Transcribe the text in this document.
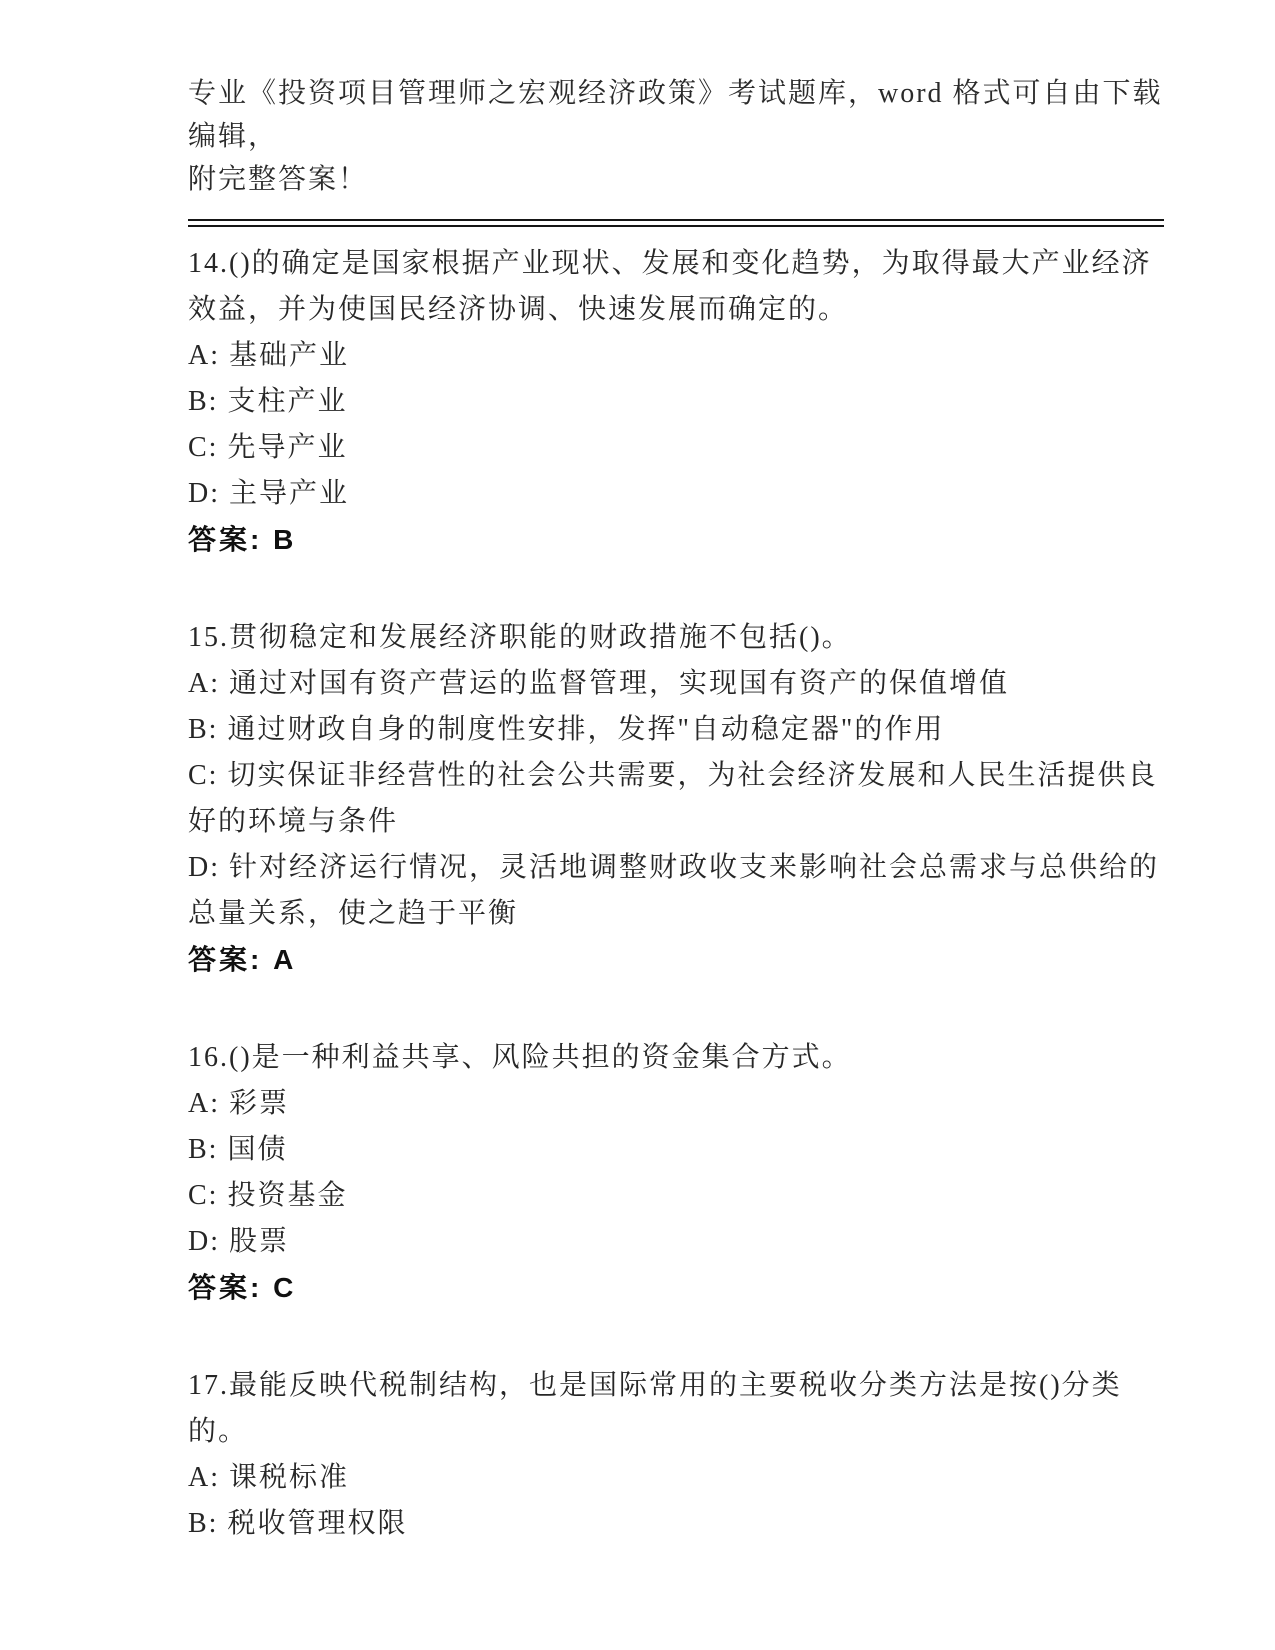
专业《投资项目管理师之宏观经济政策》考试题库，word 格式可自由下载编辑，

附完整答案！

14.()的确定是国家根据产业现状、发展和变化趋势，为取得最大产业经济效益，并为使国民经济协调、快速发展而确定的。

A: 基础产业

B: 支柱产业

C: 先导产业

D: 主导产业

答案: B

15.贯彻稳定和发展经济职能的财政措施不包括()。

A: 通过对国有资产营运的监督管理，实现国有资产的保值增值

B: 通过财政自身的制度性安排，发挥"自动稳定器"的作用

C: 切实保证非经营性的社会公共需要，为社会经济发展和人民生活提供良好的环境与条件

D: 针对经济运行情况，灵活地调整财政收支来影响社会总需求与总供给的总量关系，使之趋于平衡

答案: A

16.()是一种利益共享、风险共担的资金集合方式。

A: 彩票

B: 国债

C: 投资基金

D: 股票

答案: C

17.最能反映代税制结构，也是国际常用的主要税收分类方法是按()分类的。

A: 课税标准

B: 税收管理权限
